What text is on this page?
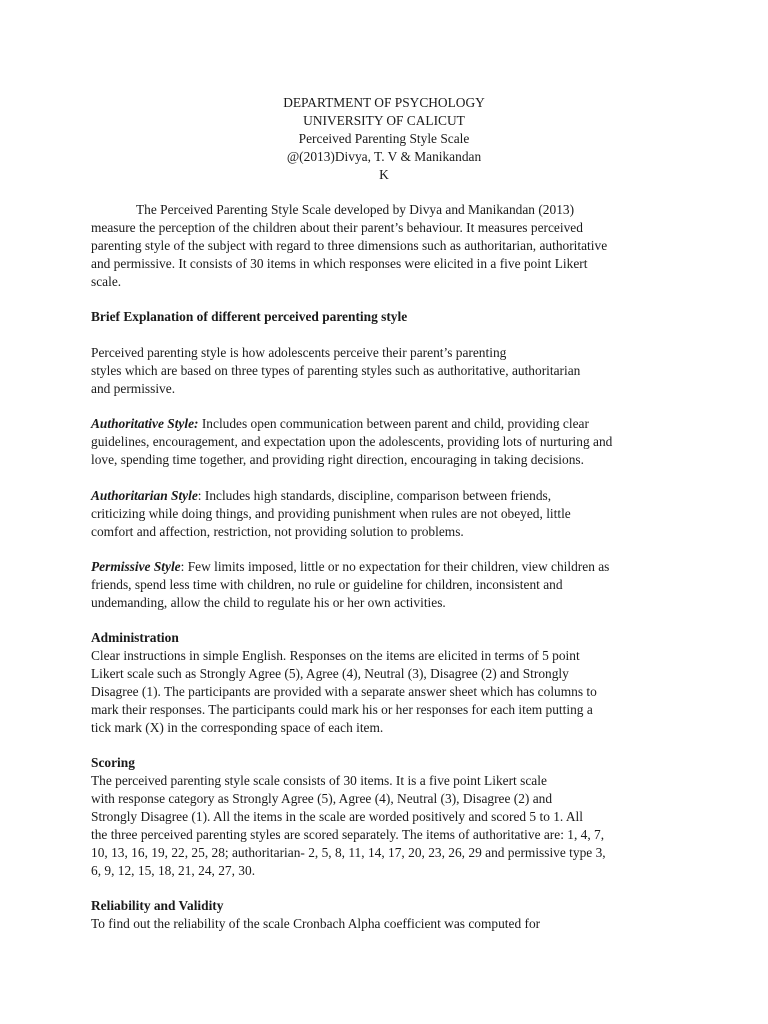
DEPARTMENT OF PSYCHOLOGY
UNIVERSITY OF CALICUT
Perceived Parenting Style Scale
@(2013)Divya, T. V & Manikandan
K
The Perceived Parenting Style Scale developed by Divya and Manikandan (2013)
measure the perception of the children about their parent’s behaviour. It measures perceived
parenting style of the subject with regard to three dimensions such as authoritarian, authoritative
and permissive. It consists of 30 items in which responses were elicited in a five point Likert
scale.
Brief Explanation of different perceived parenting style
Perceived parenting style is how adolescents perceive their parent’s parenting
styles which are based on three types of parenting styles such as authoritative, authoritarian
and permissive.
Authoritative Style: Includes open communication between parent and child, providing clear
guidelines, encouragement, and expectation upon the adolescents, providing lots of nurturing and
love, spending time together, and providing right direction, encouraging in taking decisions.
Authoritarian Style: Includes high standards, discipline, comparison between friends,
criticizing while doing things, and providing punishment when rules are not obeyed, little
comfort and affection, restriction, not providing solution to problems.
Permissive Style: Few limits imposed, little or no expectation for their children, view children as
friends, spend less time with children, no rule or guideline for children, inconsistent and
undemanding, allow the child to regulate his or her own activities.
Administration
Clear instructions in simple English. Responses on the items are elicited in terms of 5 point
Likert scale such as Strongly Agree (5), Agree (4), Neutral (3), Disagree (2) and Strongly
Disagree (1). The participants are provided with a separate answer sheet which has columns to
mark their responses. The participants could mark his or her responses for each item putting a
tick mark (X) in the corresponding space of each item.
Scoring
The perceived parenting style scale consists of 30 items. It is a five point Likert scale
with response category as Strongly Agree (5), Agree (4), Neutral (3), Disagree (2) and
Strongly Disagree (1). All the items in the scale are worded positively and scored 5 to 1. All
the three perceived parenting styles are scored separately. The items of authoritative are: 1, 4, 7,
10, 13, 16, 19, 22, 25, 28; authoritarian- 2, 5, 8, 11, 14, 17, 20, 23, 26, 29 and permissive type 3,
6, 9, 12, 15, 18, 21, 24, 27, 30.
Reliability and Validity
To find out the reliability of the scale Cronbach Alpha coefficient was computed for
